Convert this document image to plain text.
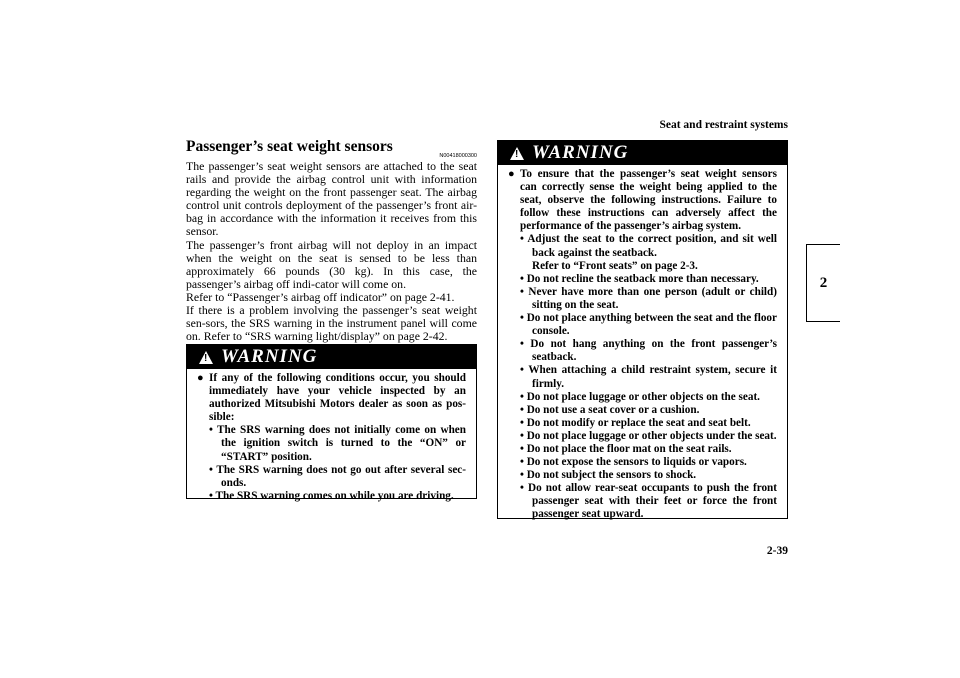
Seat and restraint systems
2
Passenger’s seat weight sensors
N00418000300

The passenger’s seat weight sensors are attached to the seat rails and provide the airbag control unit with information regarding the weight on the front passenger seat. The airbag control unit controls deployment of the passenger’s front air-bag in accordance with the information it receives from this sensor.

The passenger’s front airbag will not deploy in an impact when the weight on the seat is sensed to be less than approximately 66 pounds (30 kg). In this case, the passenger’s airbag off indi-cator will come on.

Refer to “Passenger’s airbag off indicator” on page 2-41.

If there is a problem involving the passenger’s seat weight sen-sors, the SRS warning in the instrument panel will come on. Refer to “SRS warning light/display” on page 2-42.

!
WARNING
● If any of the following conditions occur, you should immediately have your vehicle inspected by an authorized Mitsubishi Motors dealer as soon as pos-sible:

• The SRS warning does not initially come on when the ignition switch is turned to the “ON” or “START” position.

• The SRS warning does not go out after several sec-onds.

• The SRS warning comes on while you are driving.

!
WARNING
● To ensure that the passenger’s seat weight sensors can correctly sense the weight being applied to the seat, observe the following instructions. Failure to follow these instructions can adversely affect the performance of the passenger’s airbag system.

• Adjust the seat to the correct position, and sit well back against the seatback.
Refer to “Front seats” on page 2-3.

• Do not recline the seatback more than necessary.

• Never have more than one person (adult or child) sitting on the seat.

• Do not place anything between the seat and the floor console.

• Do not hang anything on the front passenger’s seatback.

• When attaching a child restraint system, secure it firmly.

• Do not place luggage or other objects on the seat.

• Do not use a seat cover or a cushion.

• Do not modify or replace the seat and seat belt.

• Do not place luggage or other objects under the seat.

• Do not place the floor mat on the seat rails.

• Do not expose the sensors to liquids or vapors.

• Do not subject the sensors to shock.

• Do not allow rear-seat occupants to push the front passenger seat with their feet or force the front passenger seat upward.

2-39
